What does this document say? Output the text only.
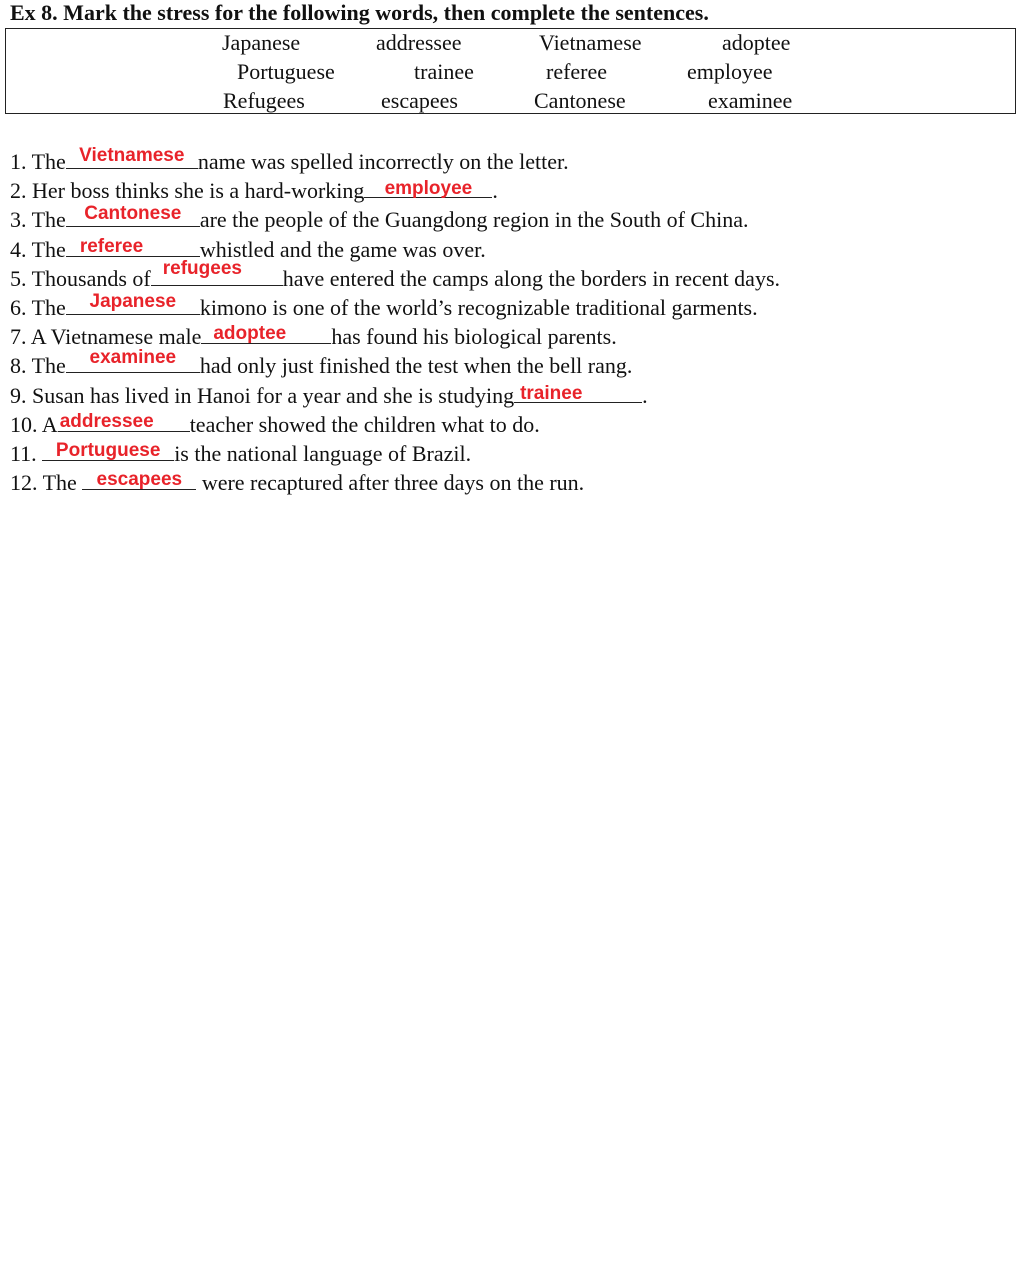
Ex 8. Mark the stress for the following words, then complete the sentences.
Japanese	addressee	Vietnamese	adoptee
Portuguese	trainee	referee	employee
Refugees	escapees	Cantonese	examinee
1. The Vietnamese name was spelled incorrectly on the letter.
2. Her boss thinks she is a hard-working	employee .
3. The Cantonese are the people of the Guangdong region in the South of China.
4. The referee	whistled and the game was over.
5. Thousands of refugees	have entered the camps along the borders in recent days.
6. The	Japanese	kimono is one of the world’s recognizable traditional garments.
7. A Vietnamese male adoptee	has found his biological parents.
8. The	examinee	had only just finished the test when the bell rang.
9. Susan has lived in Hanoi for a year and she is studying trainee	.
10. A addressee	teacher showed the children what to do.
11.	Portuguese is the national language of Brazil.
12. The	escapees were recaptured after three days on the run.
